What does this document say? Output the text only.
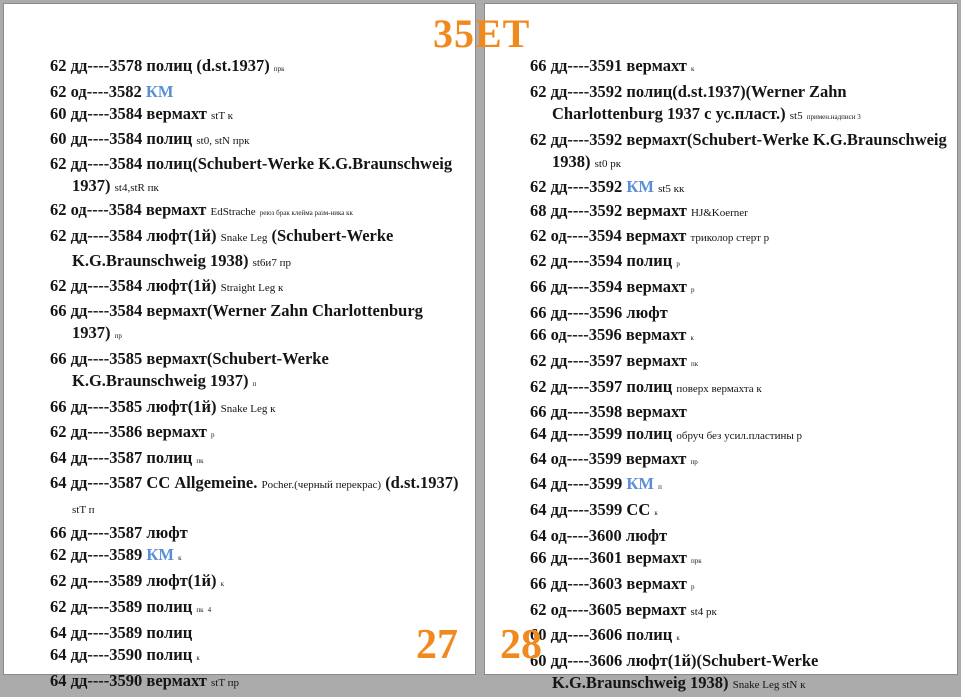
62 дд----3578 полиц (d.st.1937) прк
62 од----3582 КМ
60 дд----3584 вермахт stT к
60 дд----3584 полиц st0, stN прк
62 дд----3584 полиц(Schubert-Werke K.G.Braunschweig 1937) st4,stR пк
62 од----3584 вермахт EdStrache реюз брак клейма разм-ника кк
62 дд----3584 люфт(1й) Snake Leg (Schubert-Werke K.G.Braunschweig 1938) st6и7 пр
62 дд----3584 люфт(1й) Straight Leg к
66 дд----3584 вермахт(Werner Zahn Charlottenburg 1937) пр
66 дд----3585 вермахт(Schubert-Werke K.G.Braunschweig 1937) п
66 дд----3585 люфт(1й) Snake Leg к
62 дд----3586 вермахт р
64 дд----3587 полиц пк
64 дд----3587 СС Allgemeine. Pocher.(черный перекрас) (d.st.1937) stT п
66 дд----3587 люфт
62 дд----3589 КМ к
62 дд----3589 люфт(1й) к
62 дд----3589 полиц пк 4
64 дд----3589 полиц
64 дд----3590 полиц к
64 дд----3590 вермахт stT пр
27
66 дд----3591 вермахт к
62 дд----3592 полиц(d.st.1937)(Werner Zahn Charlottenburg 1937 с ус.пласт.) st5 примен.надписи 3
62 дд----3592 вермахт(Schubert-Werke K.G.Braunschweig 1938) st0 рк
62 дд----3592 КМ st5 кк
68 дд----3592 вермахт HJ&Koerner
62 од----3594 вермахт триколор стерт р
62 дд----3594 полиц р
66 дд----3594 вермахт р
66 дд----3596 люфт
66 од----3596 вермахт к
62 дд----3597 вермахт пк
62 дд----3597 полиц поверх вермахта к
66 дд----3598 вермахт
64 дд----3599 полиц обруч без усил.пластины р
64 од----3599 вермахт пр
64 дд----3599 КМ п
64 дд----3599 СС к
64 од----3600 люфт
66 дд----3601 вермахт прк
66 дд----3603 вермахт р
62 од----3605 вермахт st4 рк
60 дд----3606 полиц к
60 дд----3606 люфт(1й)(Schubert-Werke K.G.Braunschweig 1938) Snake Leg stN к
28
35ET
